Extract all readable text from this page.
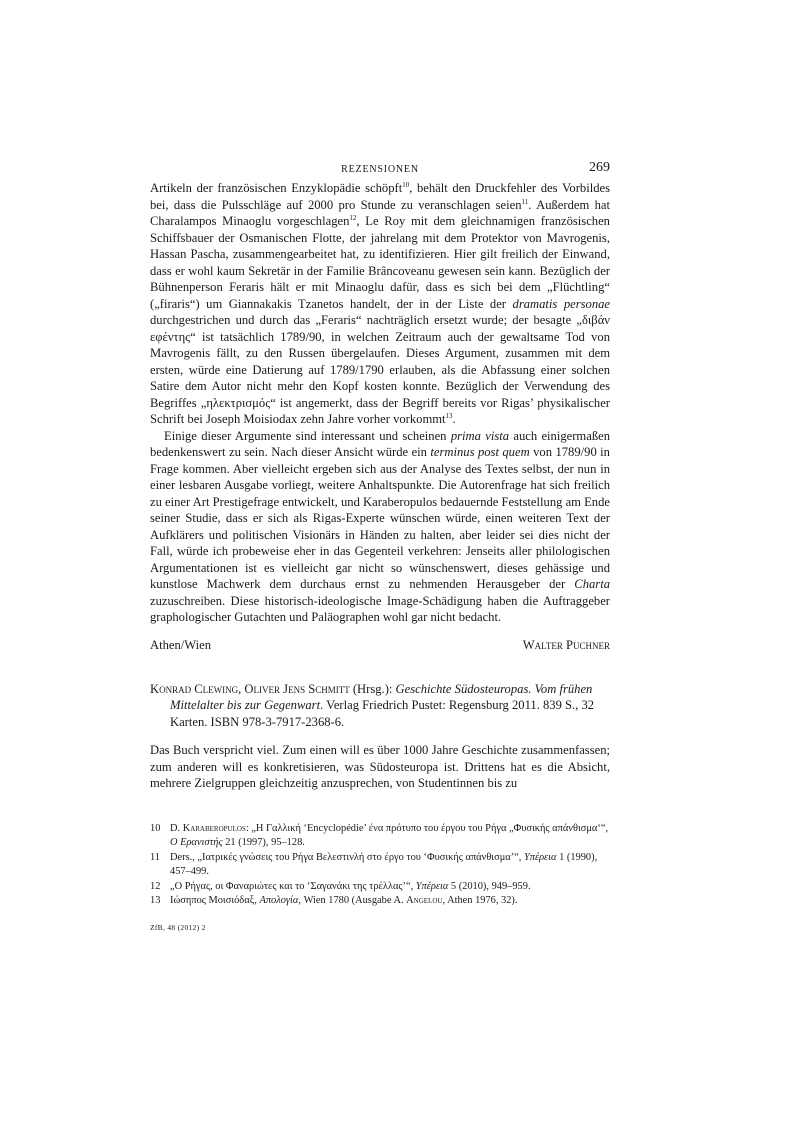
REZENSIONEN	269

Artikeln der französischen Enzyklopädie schöpft$^{10}$, behält den Druckfehler des Vorbildes bei, dass die Pulsschläge auf 2000 pro Stunde zu veranschlagen seien$^{11}$. Außerdem hat Charalampos Minaoglu vorgeschlagen$^{12}$, Le Roy mit dem gleichnamigen französischen Schiffsbauer der Osmanischen Flotte, der jahrelang mit dem Protektor von Mavrogenis, Hassan Pascha, zusammengearbeitet hat, zu identifizieren. Hier gilt freilich der Einwand, dass er wohl kaum Sekretär in der Familie Brâncoveanu gewesen sein kann. Bezüglich der Bühnenperson Feraris hält er mit Minaoglu dafür, dass es sich bei dem „Flüchtling“ („firaris“) um Giannakakis Tzanetos handelt, der in der Liste der dramatis personae durchgestrichen und durch das „Feraris“ nachträglich ersetzt wurde; der besagte „διβάν εφέντης“ ist tatsächlich 1789/90, in welchen Zeitraum auch der gewaltsame Tod von Mavrogenis fällt, zu den Russen übergelaufen. Dieses Argument, zusammen mit dem ersten, würde eine Datierung auf 1789/1790 erlauben, als die Abfassung einer solchen Satire dem Autor nicht mehr den Kopf kosten konnte. Bezüglich der Verwendung des Begriffes „ηλεκτρισμός“ ist angemerkt, dass der Begriff bereits vor Rigas’ physikalischer Schrift bei Joseph Moisiodax zehn Jahre vorher vorkommt$^{13}$.

Einige dieser Argumente sind interessant und scheinen prima vista auch einigermaßen bedenkenswert zu sein. Nach dieser Ansicht würde ein terminus post quem von 1789/90 in Frage kommen. Aber vielleicht ergeben sich aus der Analyse des Textes selbst, der nun in einer lesbaren Ausgabe vorliegt, weitere Anhaltspunkte. Die Autorenfrage hat sich freilich zu einer Art Prestigefrage entwickelt, und Karaberopulos bedauernde Feststellung am Ende seiner Studie, dass er sich als Rigas-Experte wünschen würde, einen weiteren Text der Aufklärers und politischen Visionärs in Händen zu halten, aber leider sei dies nicht der Fall, würde ich probeweise eher in das Gegenteil verkehren: Jenseits aller philologischen Argumentationen ist es vielleicht gar nicht so wünschenswert, dieses gehässige und kunstlose Machwerk dem durchaus ernst zu nehmenden Herausgeber der Charta zuzuschreiben. Diese historisch-ideologische Image-Schädigung haben die Auftraggeber graphologischer Gutachten und Paläographen wohl gar nicht bedacht.

Athen/Wien	Walter Puchner
Konrad Clewing, Oliver Jens Schmitt (Hrsg.): Geschichte Südosteuropas. Vom frühen Mittelalter bis zur Gegenwart. Verlag Friedrich Pustet: Regensburg 2011. 839 S., 32 Karten. ISBN 978-3-7917-2368-6.
Das Buch verspricht viel. Zum einen will es über 1000 Jahre Geschichte zusammenfassen; zum anderen will es konkretisieren, was Südosteuropa ist. Drittens hat es die Absicht, mehrere Zielgruppen gleichzeitig anzusprechen, von Studentinnen bis zu
10 D. Karaberopulos: „Η Γαλλική ‘Encyclopédie’ ένα πρότυπο του έργου του Ρήγα „Φυσικής απάνθισμα‘“, O Ερανιστής 21 (1997), 95–128.
11 Ders., „Ιατρικές γνώσεις του Ρήγα Βελεστινλή στο έργο του ‘Φυσικής απάνθισμα’“, Υπέρεια 1 (1990), 457–499.
12 „Ο Ρήγας, οι Φαναριώτες και το ‘Σαγανάκι της τρέλλας’“, Υπέρεια 5 (2010), 949–959.
13 Ιώσηπος Μοισιόδαξ, Απολογία, Wien 1780 (Ausgabe A. Angelou, Athen 1976, 32).
ZfB, 48 (2012) 2
